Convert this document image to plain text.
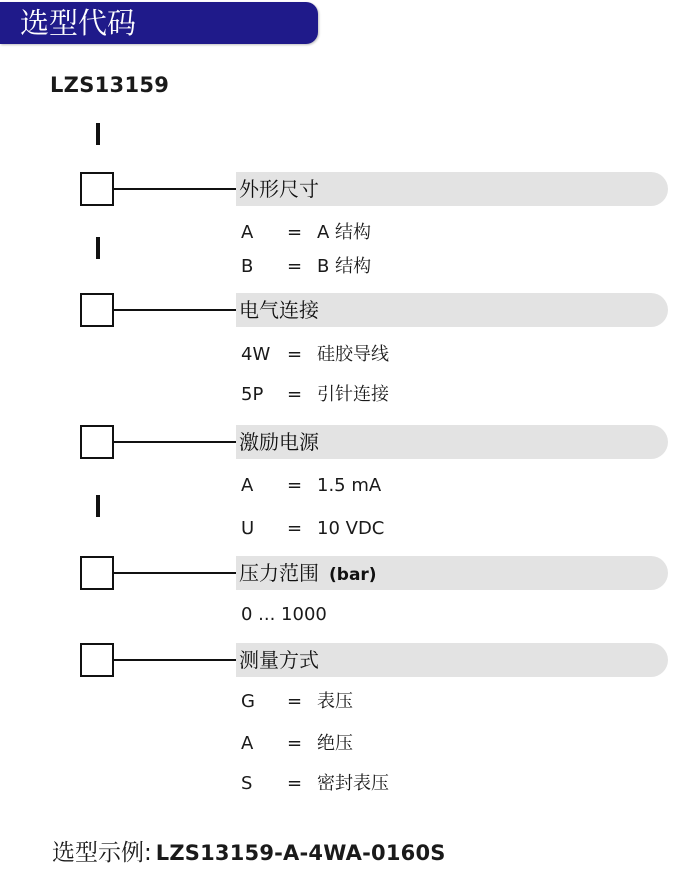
选型代码
LZS13159
外形尺寸
A = A 结构
B = B 结构
电气连接
4W = 硅胶导线
5P = 引针连接
激励电源
A = 1.5 mA
U = 10 VDC
压力范围 (bar)
0 ... 1000
测量方式
G = 表压
A = 绝压
S = 密封表压
选型示例: LZS13159-A-4WA-0160S
